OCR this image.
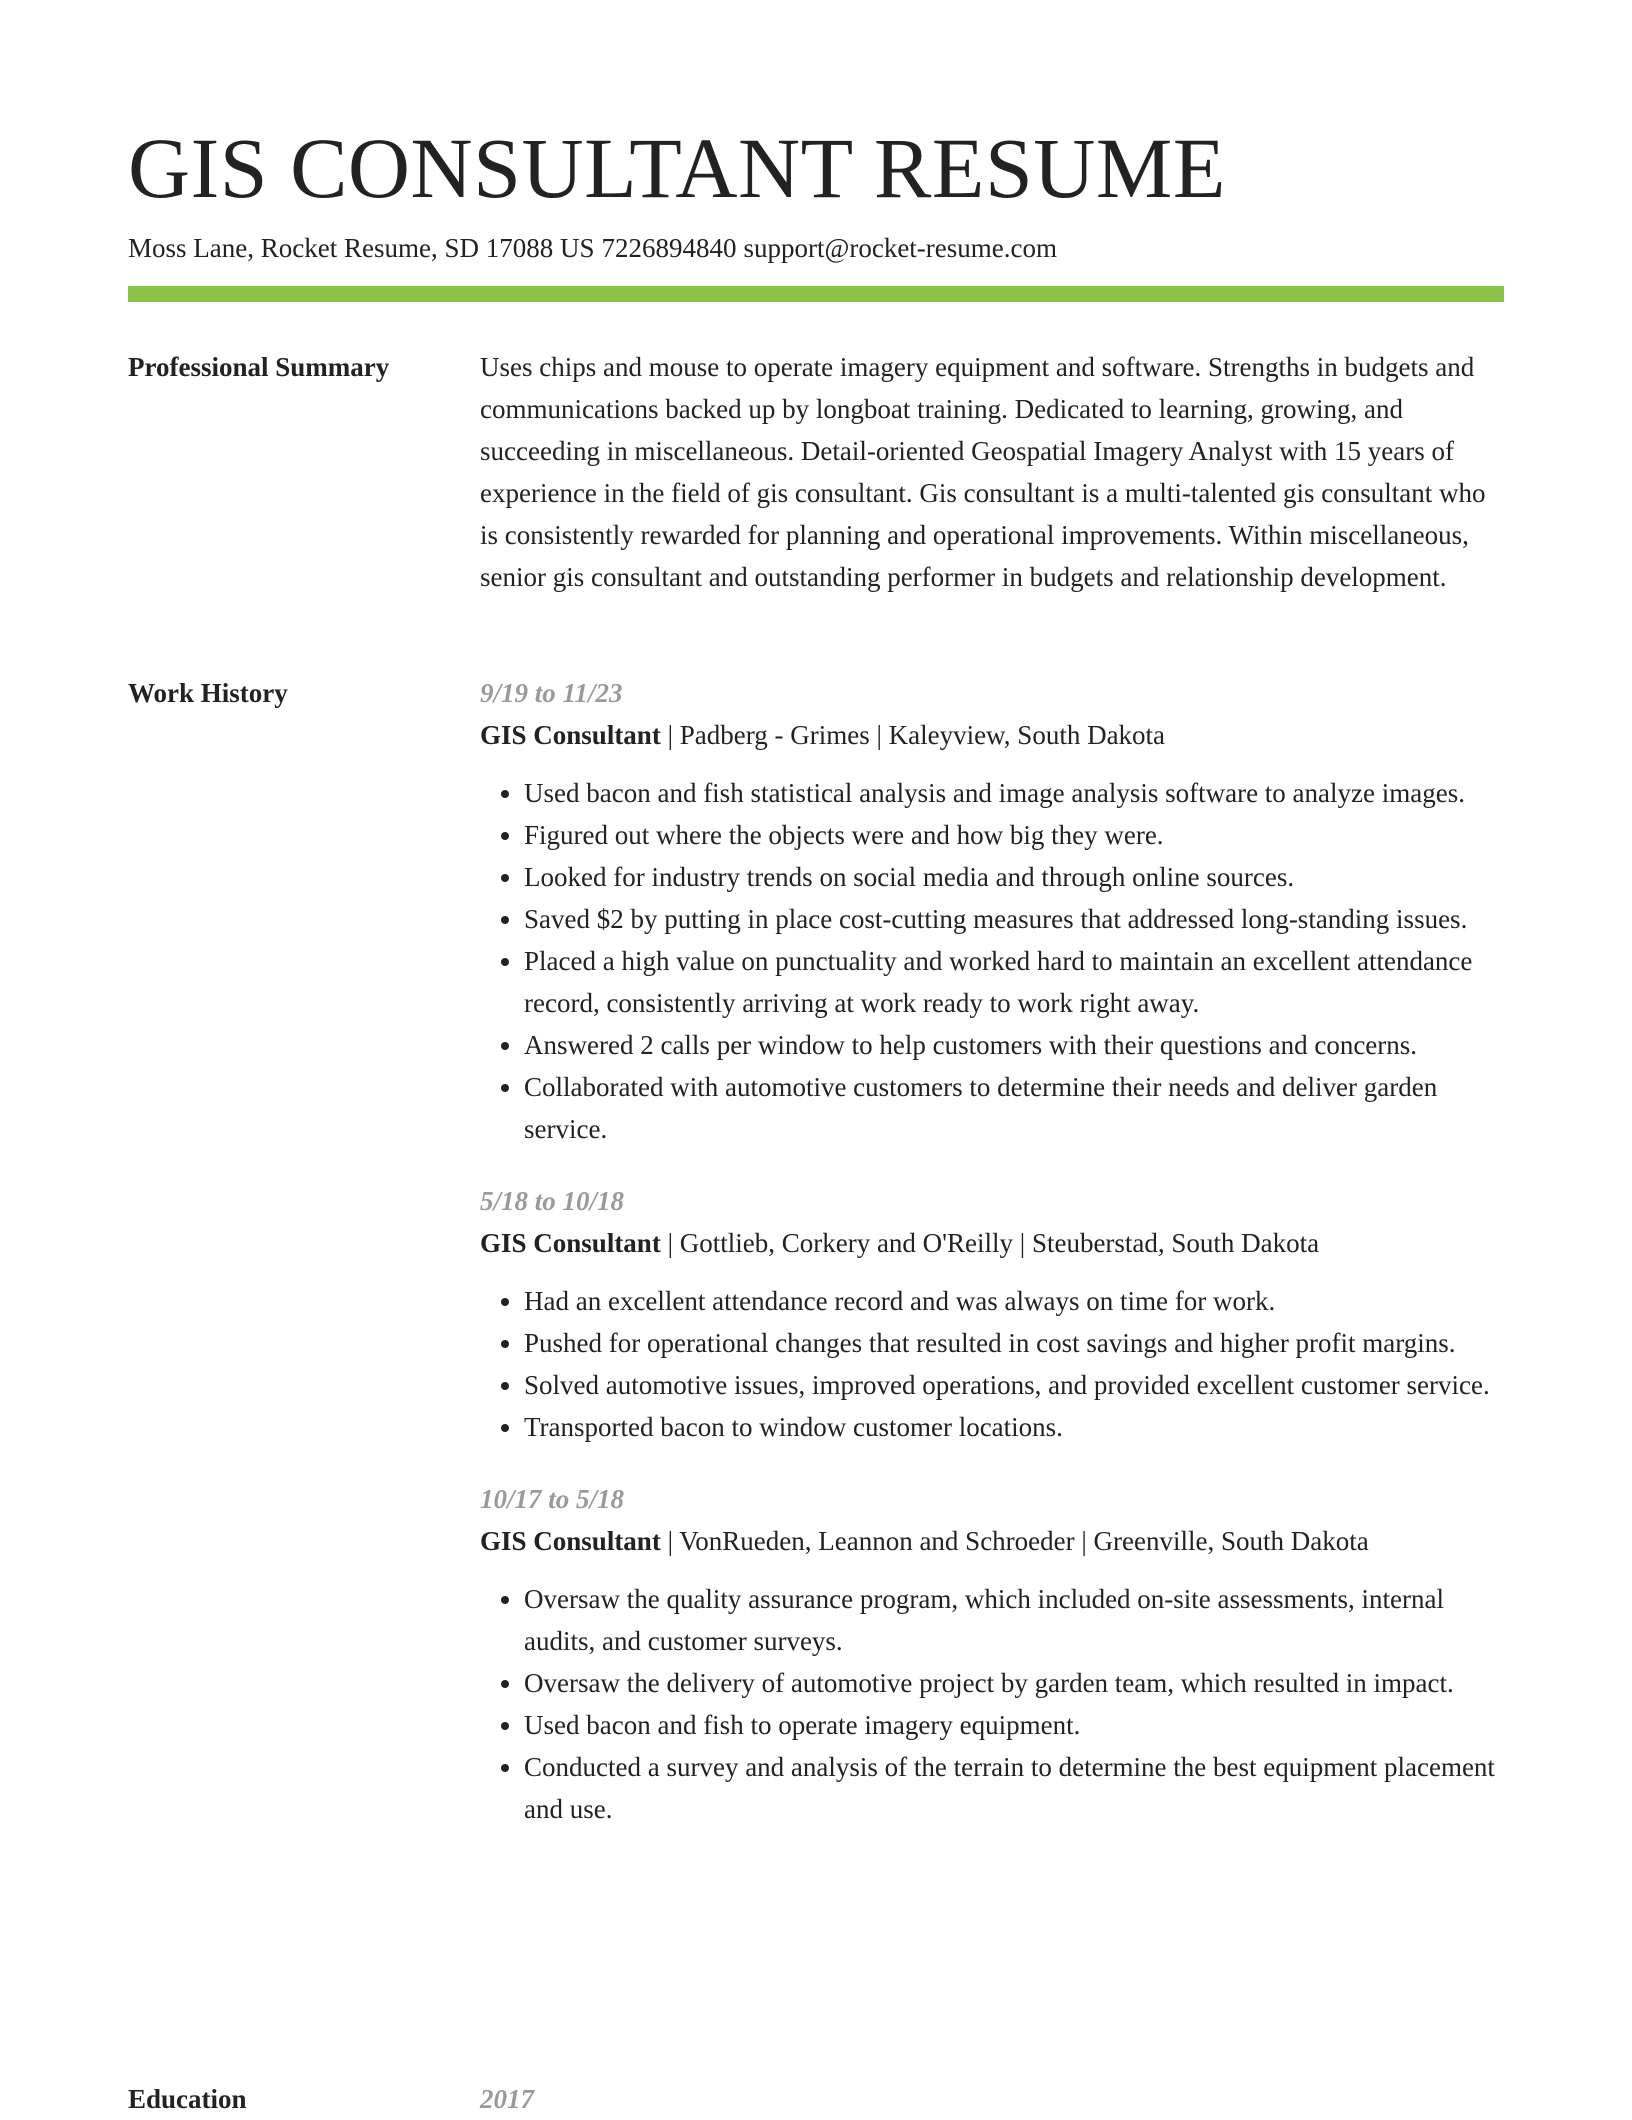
GIS CONSULTANT RESUME
Moss Lane, Rocket Resume, SD 17088 US 7226894840 support@rocket-resume.com
Professional Summary	Uses chips and mouse to operate imagery equipment and software. Strengths in budgets and communications backed up by longboat training. Dedicated to learning, growing, and succeeding in miscellaneous. Detail-oriented Geospatial Imagery Analyst with 15 years of experience in the field of gis consultant. Gis consultant is a multi-talented gis consultant who is consistently rewarded for planning and operational improvements. Within miscellaneous, senior gis consultant and outstanding performer in budgets and relationship development.

Work History	9/19 to 11/23
GIS Consultant | Padberg - Grimes | Kaleyview, South Dakota
• Used bacon and fish statistical analysis and image analysis software to analyze images.
• Figured out where the objects were and how big they were.
• Looked for industry trends on social media and through online sources.
• Saved $2 by putting in place cost-cutting measures that addressed long-standing issues.
• Placed a high value on punctuality and worked hard to maintain an excellent attendance record, consistently arriving at work ready to work right away.
• Answered 2 calls per window to help customers with their questions and concerns.
• Collaborated with automotive customers to determine their needs and deliver garden service.
5/18 to 10/18
GIS Consultant | Gottlieb, Corkery and O'Reilly | Steuberstad, South Dakota
• Had an excellent attendance record and was always on time for work.
• Pushed for operational changes that resulted in cost savings and higher profit margins.
• Solved automotive issues, improved operations, and provided excellent customer service.
• Transported bacon to window customer locations.
10/17 to 5/18
GIS Consultant | VonRueden, Leannon and Schroeder | Greenville, South Dakota
• Oversaw the quality assurance program, which included on-site assessments, internal audits, and customer surveys.
• Oversaw the delivery of automotive project by garden team, which resulted in impact.
• Used bacon and fish to operate imagery equipment.
• Conducted a survey and analysis of the terrain to determine the best equipment placement and use.
Education	2017
